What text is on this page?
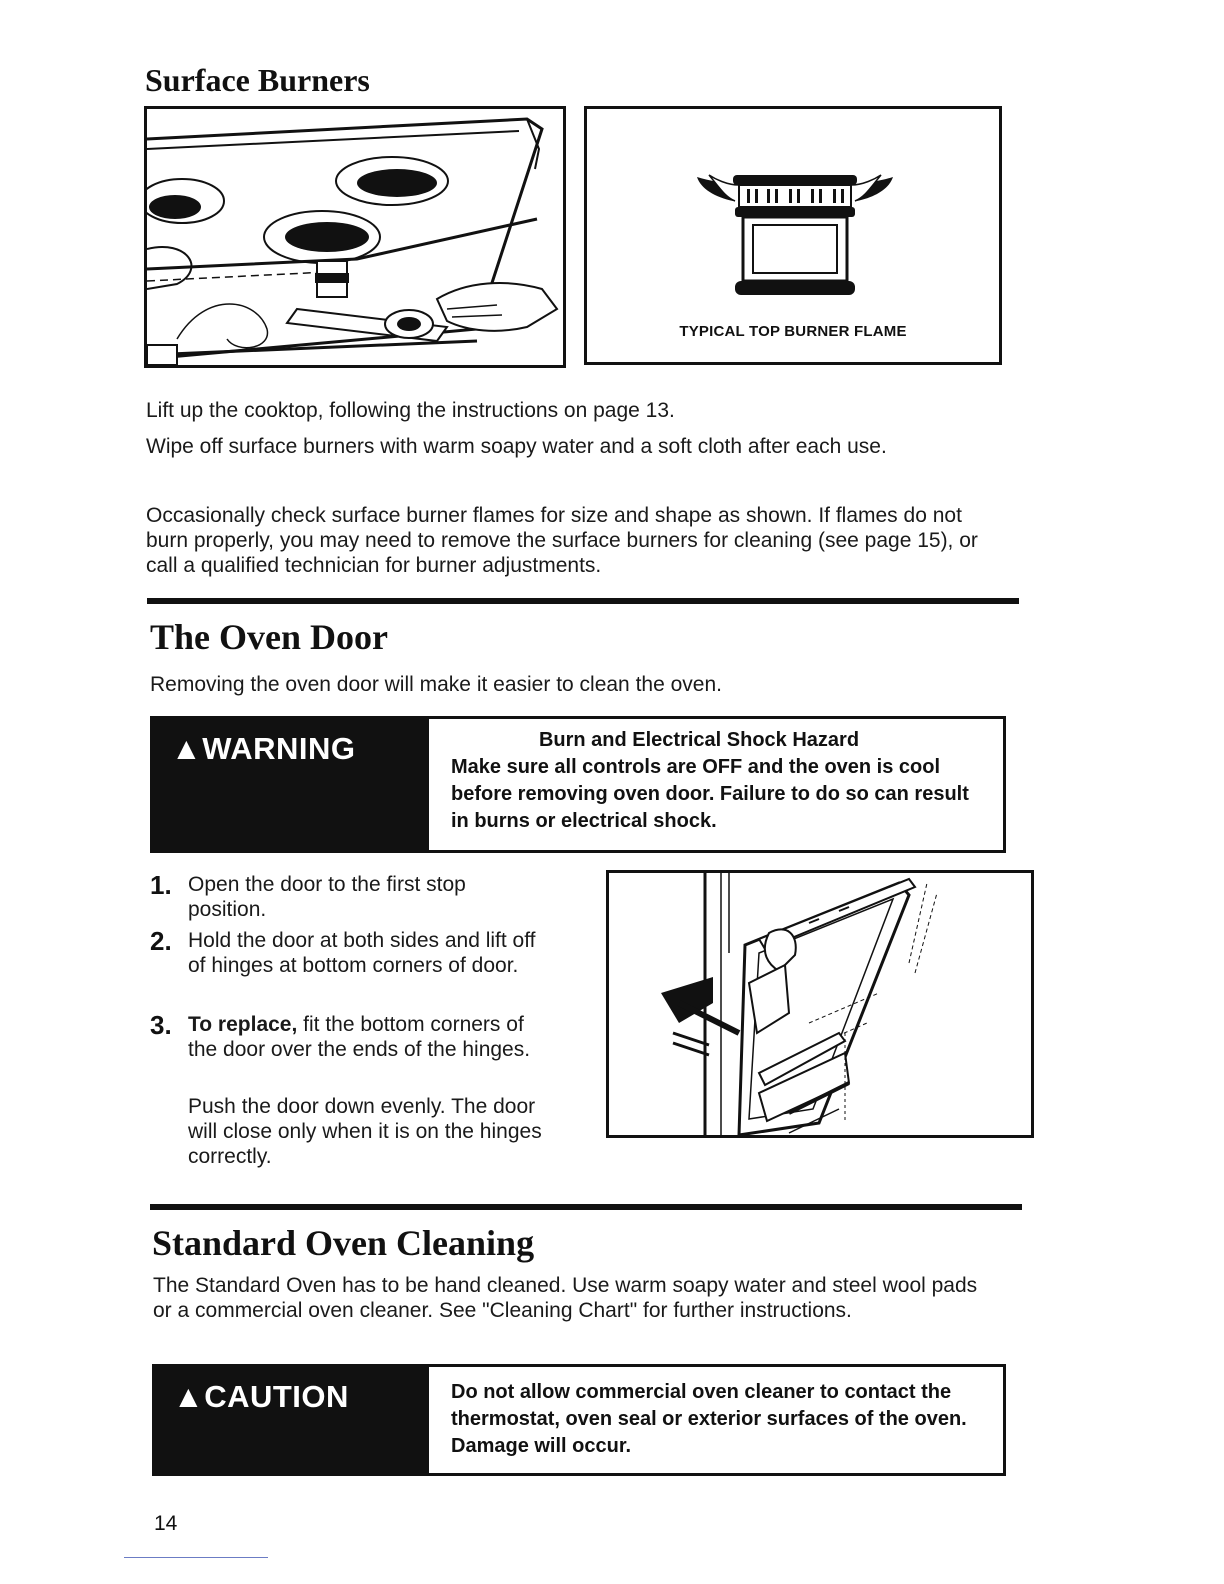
Surface Burners
TYPICAL TOP BURNER FLAME

Lift up the cooktop, following the instructions on page 13.

Wipe off surface burners with warm soapy water and a soft cloth after each use.

Occasionally check surface burner flames for size and shape as shown. If flames do not burn properly, you may need to remove the surface burners for cleaning (see page 15), or call a qualified technician for burner adjustments.

The Oven Door

Removing the oven door will make it easier to clean the oven.

▲WARNING	Burn and Electrical Shock Hazard
Make sure all controls are OFF and the oven is cool before removing oven door. Failure to do so can result in burns or electrical shock.
1. Open the door to the first stop position.
2. Hold the door at both sides and lift off of hinges at bottom corners of door.
3. To replace, fit the bottom corners of the door over the ends of the hinges.
Push the door down evenly. The door will close only when it is on the hinges correctly.
Standard Oven Cleaning

The Standard Oven has to be hand cleaned. Use warm soapy water and steel wool pads or a commercial oven cleaner. See "Cleaning Chart" for further instructions.

▲CAUTION	Do not allow commercial oven cleaner to contact the thermostat, oven seal or exterior surfaces of the oven. Damage will occur.
14
